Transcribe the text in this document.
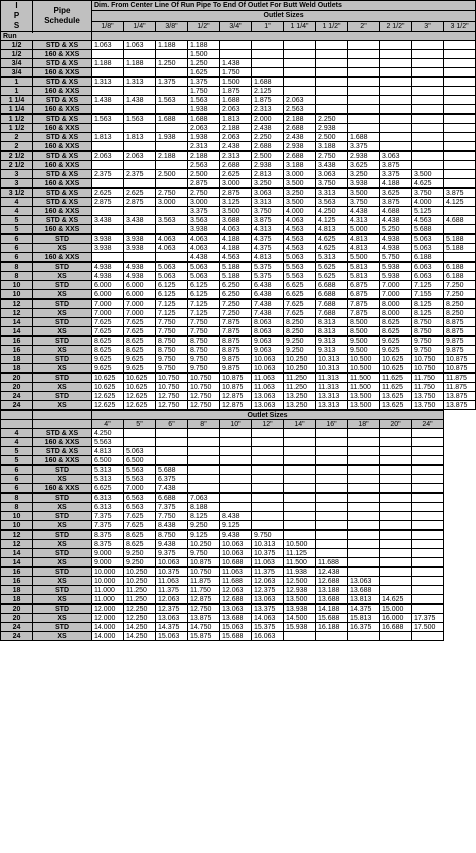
I
P
S	Pipe Schedule	Dim. From Center Line Of Run Pipe To End Of Outlet For Butt Weld Outlets											
		Outlet Sizes											
		1/8"	1/4"	3/8"	1/2"	3/4"	1"	1 1/4"	1 1/2"	2"	2 1/2"	3"	3 1/2"

Run													
1/2	STD & XS	1.063	1.063	1.188	1.188								
1/2	160 & XXS				1.500								
3/4	STD & XS	1.188	1.188	1.250	1.250	1.438							
3/4	160 & XXS				1.625	1.750							
1	STD & XS	1.313	1.313	1.375	1.375	1.500	1.688						
1	160 & XXS				1.750	1.875	2.125						
1 1/4	STD & XS	1.438	1.438	1.563	1.563	1.688	1.875	2.063					
1 1/4	160 & XXS				1.938	2.063	2.313	2.563					
1 1/2	STD & XS	1.563	1.563	1.688	1.688	1.813	2.000	2.188	2.250				
1 1/2	160 & XXS				2.063	2.188	2.438	2.688	2.938				
2	STD & XS	1.813	1.813	1.938	1.938	2.063	2.250	2.438	2.500	1.688			
2	160 & XXS				2.313	2.438	2.688	2.938	3.188	3.375			
2 1/2	STD & XS	2.063	2.063	2.188	2.188	2.313	2.500	2.688	2.750	2.938	3.063		
2 1/2	160 & XXS				2.563	2.688	2.938	3.188	3.438	3.625	3.875		
3	STD & XS	2.375	2.375	2.500	2.500	2.625	2.813	3.000	3.063	3.250	3.375	3.500	
3	160 & XXS				2.875	3.000	3.250	3.500	3.750	3.938	4.188	4.625	
3 1/2	STD & XS	2.625	2.625	2.750	2.750	2.875	3.063	3.250	3.313	3.500	3.625	3.750	3.875
4	STD & XS	2.875	2.875	3.000	3.000	3.125	3.313	3.500	3.563	3.750	3.875	4.000	4.125
4	160 & XXS				3.375	3.500	3.750	4.000	4.250	4.438	4.688	5.125	
5	STD & XS	3.438	3.438	3.563	3.563	3.688	3.875	4.063	4.125	4.313	4.438	4.563	4.688
5	160 & XXS				3.938	4.063	4.313	4.563	4.813	5.000	5.250	5.688	
6	STD	3.938	3.938	4.063	4.063	4.188	4.375	4.563	4.625	4.813	4.938	5.063	5.188
6	XS	3.938	3.938	4.063	4.063	4.188	4.375	4.563	4.625	4.813	4.938	5.063	5.188
6	160 & XXS				4.438	4.563	4.813	5.063	5.313	5.500	5.750	6.188	
8	STD	4.938	4.938	5.063	5.063	5.188	5.375	5.563	5.625	5.813	5.938	6.063	6.188
8	XS	4.938	4.938	5.063	5.063	5.188	5.375	5.563	5.625	5.813	5.938	6.063	6.188
10	STD	6.000	6.000	6.125	6.125	6.250	6.438	6.625	6.688	6.875	7.000	7.125	7.250
10	XS	6.000	6.000	6.125	6.125	6.250	6.438	6.625	6.688	6.875	7.000	7.155	7.250
12	STD	7.000	7.000	7.125	7.125	7.250	7.438	7.625	7.688	7.875	8.000	8.125	8.250
12	XS	7.000	7.000	7.125	7.125	7.250	7.438	7.625	7.688	7.875	8.000	8.125	8.250
14	STD	7.625	7.625	7.750	7.750	7.875	8.063	8.250	8.313	8.500	8.625	8.750	8.875
14	XS	7.625	7.625	7.750	7.750	7.875	8.063	8.250	8.313	8.500	8.625	8.750	8.875
16	STD	8.625	8.625	8.750	8.750	8.875	9.063	9.250	9.313	9.500	9.625	9.750	9.875
16	XS	8.625	8.625	8.750	8.750	8.875	9.063	9.250	9.313	9.500	9.625	9.750	9.875
18	STD	9.625	9.625	9.750	9.750	9.875	10.063	10.250	10.313	10.500	10.625	10.750	10.875
18	XS	9.625	9.625	9.750	9.750	9.875	10.063	10.250	10.313	10.500	10.625	10.750	10.875
20	STD	10.625	10.625	10.750	10.750	10.875	11.063	11.250	11.313	11.500	11.625	11.750	11.875
20	XS	10.625	10.625	10.750	10.750	10.875	11.063	11.250	11.313	11.500	11.625	11.750	11.875
24	STD	12.625	12.625	12.750	12.750	12.875	13.063	13.250	13.313	13.500	13.625	13.750	13.875
24	XS	12.625	12.625	12.750	12.750	12.875	13.063	13.250	13.313	13.500	13.625	13.750	13.875
		Outlet Sizes										
		4"	5"	6"	8"	10"	12"	14"	16"	18"	20"	24"
4	STD & XS	4.250										
4	160 & XXS	5.563										
5	STD & XS	4.813	5.063									
5	160 & XXS	6.500	6.500									
6	STD	5.313	5.563	5.688								
6	XS	5.313	5.563	6.375								
6	160 & XXS	6.625	7.000	7.438								
8	STD	6.313	6.563	6.688	7.063							
8	XS	6.313	6.563	7.375	8.188							
10	STD	7.375	7.625	7.750	8.125	8.438						
10	XS	7.375	7.625	8.438	9.250	9.125						
12	STD	8.375	8.625	8.750	9.125	9.438	9.750					
12	XS	8.375	8.625	9.438	10.250	10.063	10.313	10.500				
14	STD	9.000	9.250	9.375	9.750	10.063	10.375	11.125				
14	XS	9.000	9.250	10.063	10.875	10.688	11.063	11.500	11.688			
16	STD	10.000	10.250	10.375	10.750	11.063	11.375	11.938	12.438			
16	XS	10.000	10.250	11.063	11.875	11.688	12.063	12.500	12.688	13.063		
18	STD	11.000	11.250	11.375	11.750	12.063	12.375	12.938	13.188	13.688		
18	XS	11.000	11.250	12.063	12.875	12.688	13.063	13.500	13.688	13.813	14.625	
20	STD	12.000	12.250	12.375	12.750	13.063	13.375	13.938	14.188	14.375	15.000	
20	XS	12.000	12.250	13.063	13.875	13.688	14.063	14.500	15.688	15.813	16.000	17.375
24	STD	14.000	14.250	14.375	14.750	15.063	15.375	15.938	16.188	16.375	16.688	17.500
24	XS	14.000	14.250	15.063	15.875	15.688	16.063					
